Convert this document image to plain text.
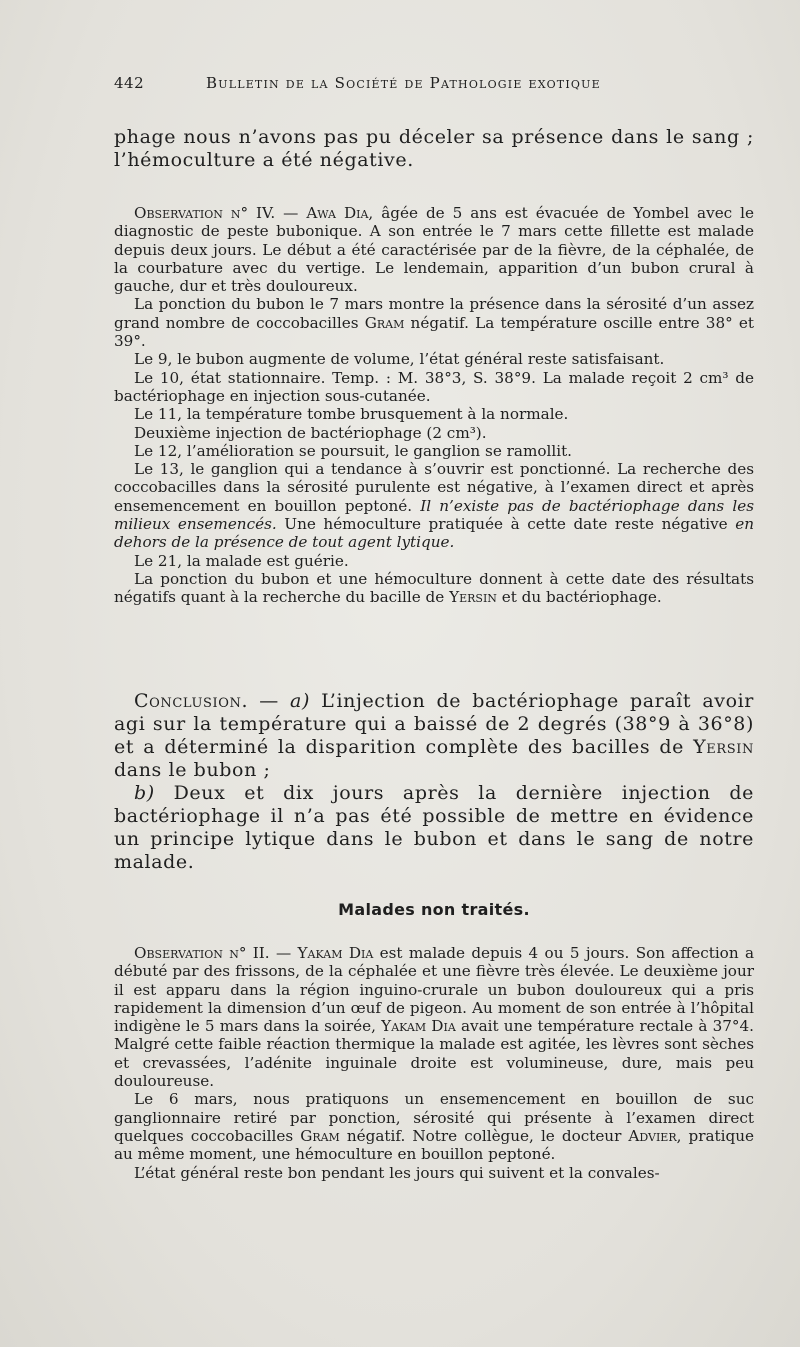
442	Bulletin de la Société de Pathologie exotique

phage nous n’avons pas pu déceler sa présence dans le sang ; l’hémoculture a été négative.

Observation n° IV. — Awa Dia, âgée de 5 ans est évacuée de Yombel avec le diagnostic de peste bubonique. A son entrée le 7 mars cette fillette est malade depuis deux jours. Le début a été caractérisée par de la fièvre, de la céphalée, de la courbature avec du vertige. Le lendemain, apparition d’un bubon crural à gauche, dur et très douloureux.

La ponction du bubon le 7 mars montre la présence dans la sérosité d’un assez grand nombre de coccobacilles Gram négatif. La température oscille entre 38° et 39°.

Le 9, le bubon augmente de volume, l’état général reste satisfaisant.

Le 10, état stationnaire. Temp. : M. 38°3, S. 38°9. La malade reçoit 2 cm³ de bactériophage en injection sous-cutanée.

Le 11, la température tombe brusquement à la normale.

Deuxième injection de bactériophage (2 cm³).

Le 12, l’amélioration se poursuit, le ganglion se ramollit.

Le 13, le ganglion qui a tendance à s’ouvrir est ponctionné. La recherche des coccobacilles dans la sérosité purulente est négative, à l’examen direct et après ensemencement en bouillon peptoné. Il n’existe pas de bactériophage dans les milieux ensemencés. Une hémoculture pratiquée à cette date reste négative en dehors de la présence de tout agent lytique.

Le 21, la malade est guérie.

La ponction du bubon et une hémoculture donnent à cette date des résultats négatifs quant à la recherche du bacille de Yersin et du bactériophage.

Conclusion. — a) L’injection de bactériophage paraît avoir agi sur la température qui a baissé de 2 degrés (38°9 à 36°8) et a déterminé la disparition complète des bacilles de Yersin dans le bubon ;

b) Deux et dix jours après la dernière injection de bactériophage il n’a pas été possible de mettre en évidence un principe lytique dans le bubon et dans le sang de notre malade.

Malades non traités.

Observation n° II. — Yakam Dia est malade depuis 4 ou 5 jours. Son affection a débuté par des frissons, de la céphalée et une fièvre très élevée. Le deuxième jour il est apparu dans la région inguino-crurale un bubon douloureux qui a pris rapidement la dimension d’un œuf de pigeon. Au moment de son entrée à l’hôpital indigène le 5 mars dans la soirée, Yakam Dia avait une température rectale à 37°4. Malgré cette faible réaction thermique la malade est agitée, les lèvres sont sèches et crevassées, l’adénite inguinale droite est volumineuse, dure, mais peu douloureuse.

Le 6 mars, nous pratiquons un ensemencement en bouillon de suc ganglionnaire retiré par ponction, sérosité qui présente à l’examen direct quelques coccobacilles Gram négatif. Notre collègue, le docteur Advier, pratique au même moment, une hémoculture en bouillon peptoné.

L’état général reste bon pendant les jours qui suivent et la convales-
